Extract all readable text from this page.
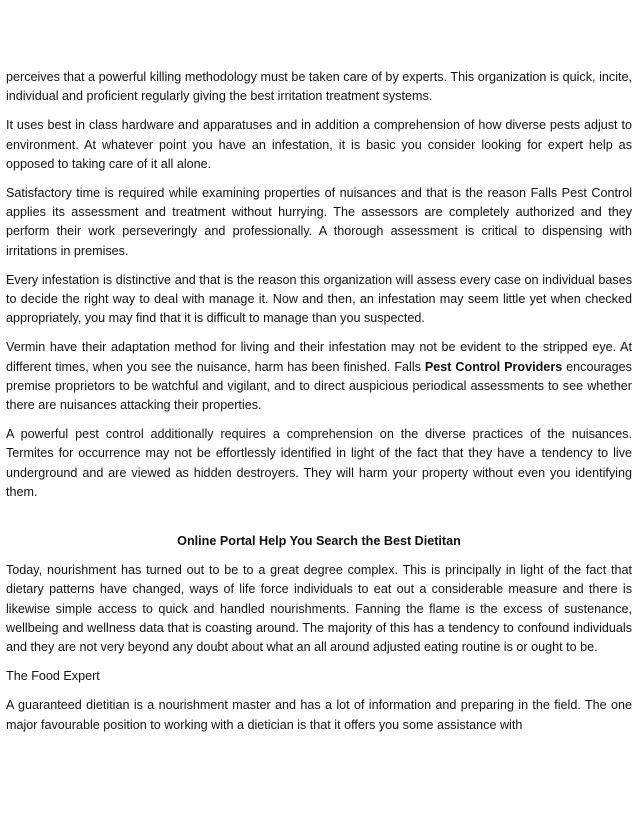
perceives that a powerful killing methodology must be taken care of by experts. This organization is quick, incite, individual and proficient regularly giving the best irritation treatment systems.

It uses best in class hardware and apparatuses and in addition a comprehension of how diverse pests adjust to environment. At whatever point you have an infestation, it is basic you consider looking for expert help as opposed to taking care of it all alone.

Satisfactory time is required while examining properties of nuisances and that is the reason Falls Pest Control applies its assessment and treatment without hurrying. The assessors are completely authorized and they perform their work perseveringly and professionally. A thorough assessment is critical to dispensing with irritations in premises.

Every infestation is distinctive and that is the reason this organization will assess every case on individual bases to decide the right way to deal with manage it. Now and then, an infestation may seem little yet when checked appropriately, you may find that it is difficult to manage than you suspected.

Vermin have their adaptation method for living and their infestation may not be evident to the stripped eye. At different times, when you see the nuisance, harm has been finished. Falls Pest Control Providers encourages premise proprietors to be watchful and vigilant, and to direct auspicious periodical assessments to see whether there are nuisances attacking their properties.

A powerful pest control additionally requires a comprehension on the diverse practices of the nuisances. Termites for occurrence may not be effortlessly identified in light of the fact that they have a tendency to live underground and are viewed as hidden destroyers. They will harm your property without even you identifying them.

Online Portal Help You Search the Best Dietitan

Today, nourishment has turned out to be to a great degree complex. This is principally in light of the fact that dietary patterns have changed, ways of life force individuals to eat out a considerable measure and there is likewise simple access to quick and handled nourishments. Fanning the flame is the excess of sustenance, wellbeing and wellness data that is coasting around. The majority of this has a tendency to confound individuals and they are not very beyond any doubt about what an all around adjusted eating routine is or ought to be.

The Food Expert

A guaranteed dietitian is a nourishment master and has a lot of information and preparing in the field. The one major favourable position to working with a dietician is that it offers you some assistance with
